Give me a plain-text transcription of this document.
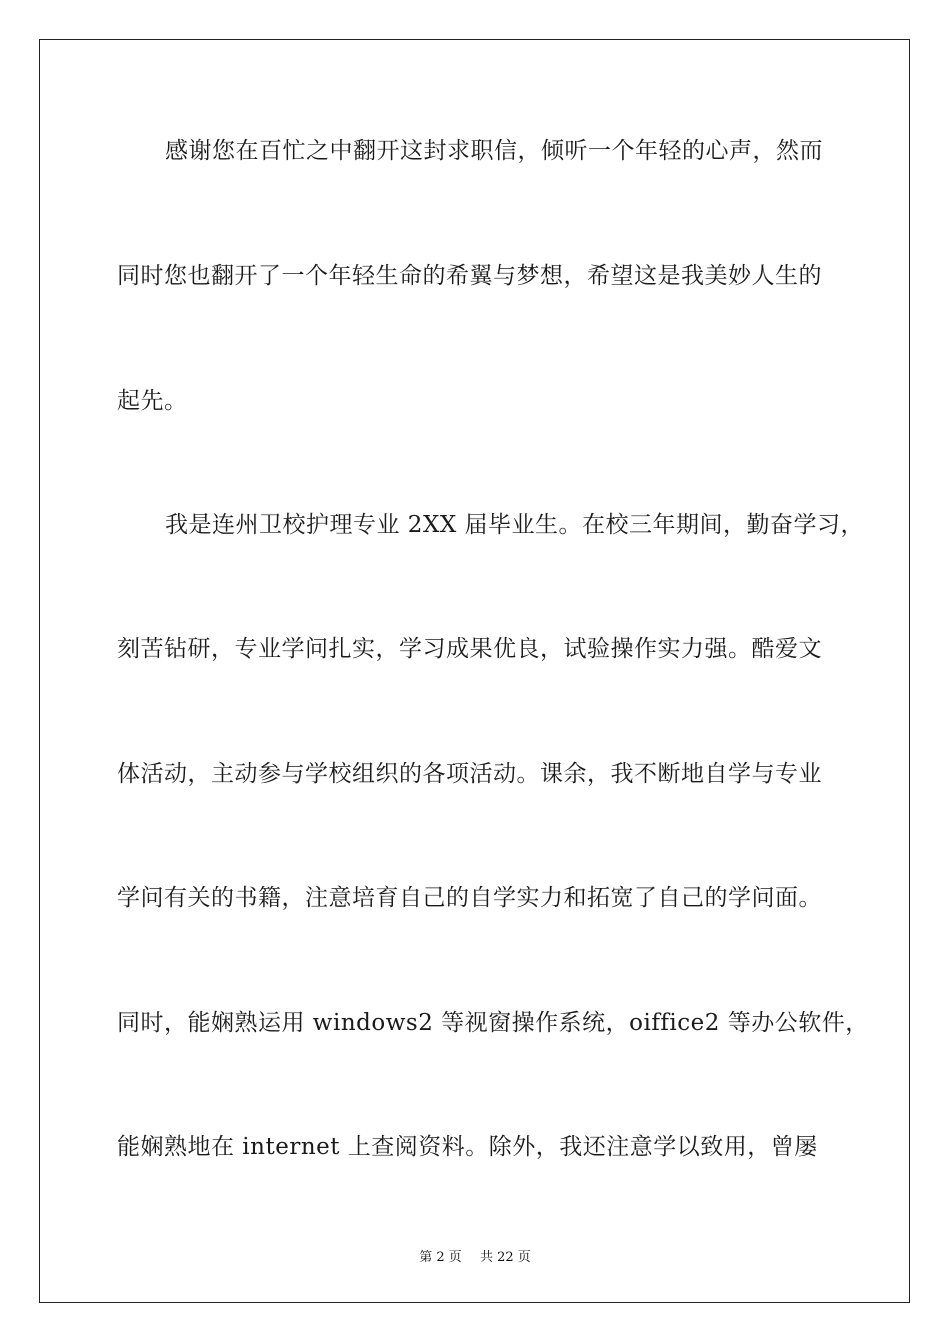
感谢您在百忙之中翻开这封求职信，倾听一个年轻的心声，然而

同时您也翻开了一个年轻生命的希翼与梦想，希望这是我美妙人生的

起先。

我是连州卫校护理专业 2XX 届毕业生。在校三年期间，勤奋学习，

刻苦钻研，专业学问扎实，学习成果优良，试验操作实力强。酷爱文

体活动，主动参与学校组织的各项活动。课余，我不断地自学与专业

学问有关的书籍，注意培育自己的自学实力和拓宽了自己的学问面。

同时，能娴熟运用 windows2 等视窗操作系统，oiffice2 等办公软件，

能娴熟地在 internet 上查阅资料。除外，我还注意学以致用，曾屡

第 2 页 共 22 页
